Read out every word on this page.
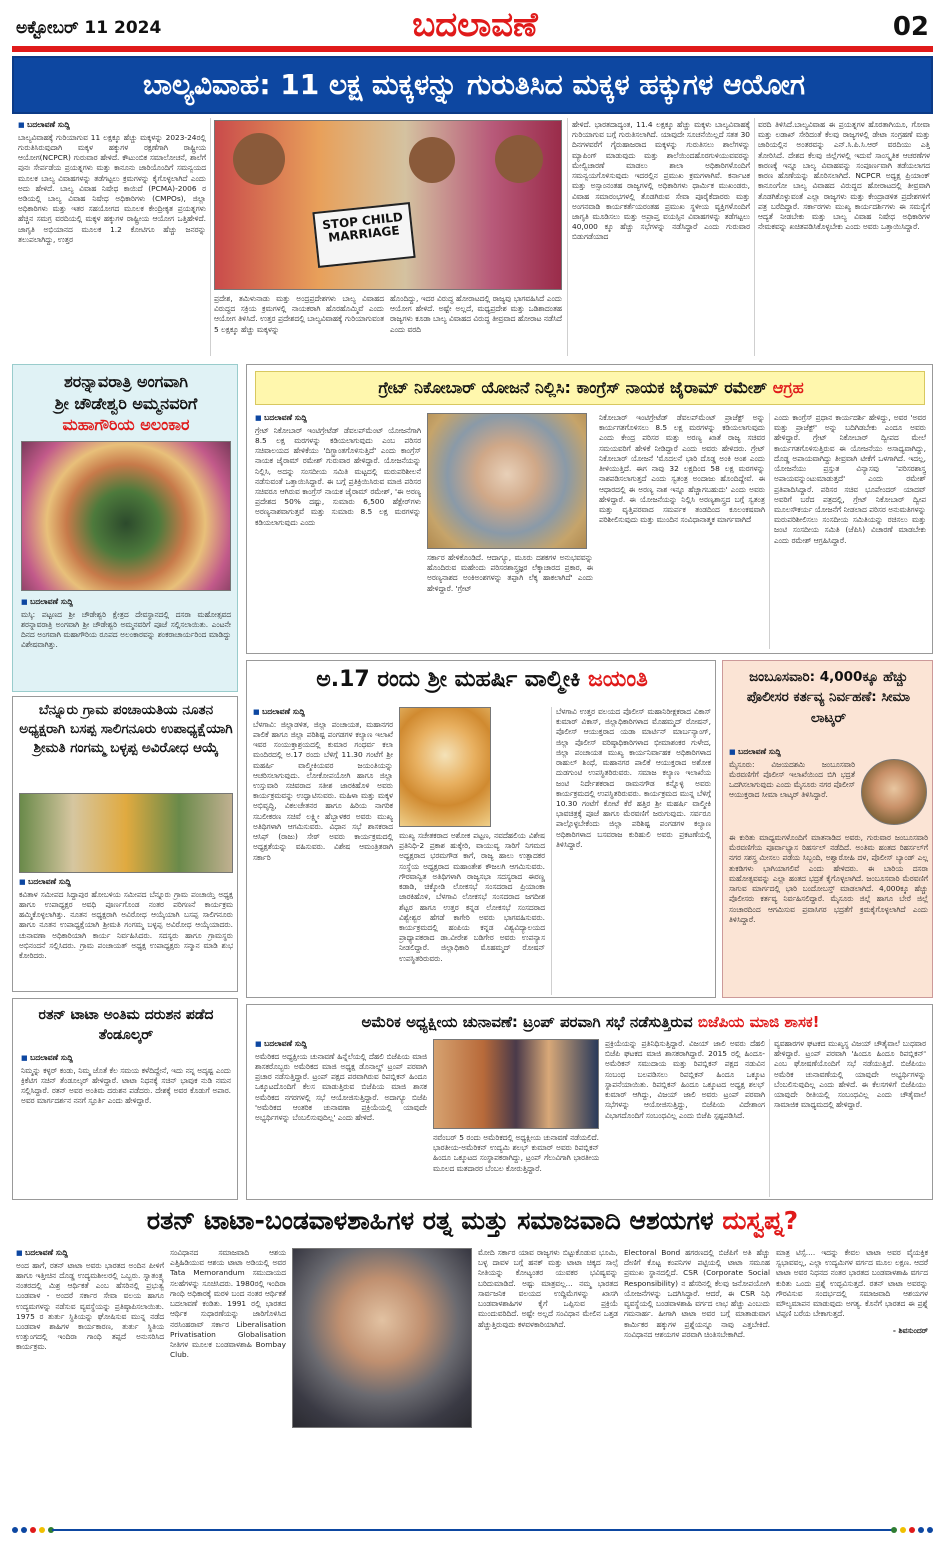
ಅಕ್ಟೋಬರ್ 11 2024	ಬದಲಾವಣೆ	02
ಬಾಲ್ಯವಿವಾಹ: 11 ಲಕ್ಷ ಮಕ್ಕಳನ್ನು ಗುರುತಿಸಿದ ಮಕ್ಕಳ ಹಕ್ಕುಗಳ ಆಯೋಗ
■ ಬದಲಾವಣೆ ಸುದ್ದಿ
ಬಾಲ್ಯವಿವಾಹಕ್ಕೆ ಗುರಿಯಾಗುವ 11 ಲಕ್ಷಕ್ಕೂ ಹೆಚ್ಚು ಮಕ್ಕಳನ್ನು 2023-24ರಲ್ಲಿ ಗುರುತಿಸಿರುವುದಾಗಿ ಮಕ್ಕಳ ಹಕ್ಕುಗಳ ರಕ್ಷಣೆಗಾಗಿ ರಾಷ್ಟ್ರೀಯ ಆಯೋಗ(NCPCR) ಗುರುವಾರ ಹೇಳಿದೆ. ಕೌಟುಂಬಿಕ ಸಮಾಲೋಚನೆ, ಶಾಲೆಗೆ ಪುನಃ ಸೇರ್ಪಡೆಯ ಪ್ರಯತ್ನಗಳು ಮತ್ತು ಕಾನೂನು ಜಾರಿಯೊಂದಿಗೆ ಸಮನ್ವಯದ ಮೂಲಕ ಬಾಲ್ಯ ವಿವಾಹಗಳನ್ನು ತಡೆಗಟ್ಟಲು ಕ್ರಮಗಳನ್ನು ಕೈಗೊಳ್ಳಲಾಗಿದೆ ಎಂದು ಅದು ಹೇಳಿದೆ. ಬಾಲ್ಯ ವಿವಾಹ ನಿಷೇಧ ಕಾಯಿದೆ (PCMA)-2006 ರ ಅಡಿಯಲ್ಲಿ ಬಾಲ್ಯ ವಿವಾಹ ನಿಷೇಧ ಅಧಿಕಾರಿಗಳು (CMPOs), ಜಿಲ್ಲಾ ಅಧಿಕಾರಿಗಳು ಮತ್ತು ಇತರ ಸಹಯೋಗದ ಮೂಲಕ ಕೇಂದ್ರೀಕೃತ ಪ್ರಯತ್ನಗಳು ಹೆಚ್ಚಿನ ಸಮಗ್ರ ವರದಿಯಲ್ಲಿ ಮಕ್ಕಳ ಹಕ್ಕುಗಳ ರಾಷ್ಟ್ರೀಯ ಆಯೋಗ ಒತ್ತಿಹೇಳಿದೆ. ಜಾಗೃತಿ ಅಭಿಯಾನದ ಮೂಲಕ 1.2 ಕೋಟಿಗೂ ಹೆಚ್ಚು ಜನರನ್ನು ತಲುಪಲಾಗಿದ್ದು, ಉತ್ತರ
STOP CHILD MARRIAGE
ಪ್ರದೇಶ, ತಮಿಳುನಾಡು ಮತ್ತು ಅಂದ್ರಪ್ರದೇಶಗಳು ಬಾಲ್ಯ ವಿವಾಹದ ವಿರುದ್ಧದ ಸಕ್ರಿಯ ಕ್ರಮಗಳಲ್ಲಿ ನಾಯಕರಾಗಿ ಹೊರಹೊಮ್ಮಿವೆ ಎಂದು ಆಯೋಗ ತಿಳಿಸಿದೆ. ಉತ್ತರ ಪ್ರದೇಶದಲ್ಲಿ ಬಾಲ್ಯವಿವಾಹಕ್ಕೆ ಗುರಿಯಾಗುವಂತ 5 ಲಕ್ಷಕ್ಕೂ ಹೆಚ್ಚು ಮಕ್ಕಳನ್ನು
ಹೊಂದಿದ್ದು, ಇದರ ವಿರುದ್ಧ ಹೋರಾಟದಲ್ಲಿ ರಾಜ್ಯವು ಭಾಗವಹಿಸಿದೆ ಎಂದು ಆಯೋಗ ಹೇಳಿದೆ. ಅಷ್ಟೇ ಅಲ್ಲದೆ, ಮಧ್ಯಪ್ರದೇಶ ಮತ್ತು ಒಡಿಶಾದಂತಹ ರಾಜ್ಯಗಳು ಕೂಡಾ ಬಾಲ್ಯ ವಿವಾಹದ ವಿರುದ್ಧ ತೀವ್ರವಾದ ಹೋರಾಟ ನಡೆಸಿದೆ ಎಂದು ವರದಿ
ಹೇಳಿದೆ. ಭಾರತದಾದ್ಯಂತ, 11.4 ಲಕ್ಷಕ್ಕೂ ಹೆಚ್ಚು ಮಕ್ಕಳು ಬಾಲ್ಯವಿವಾಹಕ್ಕೆ ಗುರಿಯಾಗುವ ಬಗ್ಗೆ ಗುರುತಿಸಲಾಗಿದೆ. ಯಾವುದೇ ಸೂಚನೆಯಿಲ್ಲದೆ ಸತತ 30 ದಿನಗಳವರೆಗೆ ಗೈರುಹಾಜರಾದ ಮಕ್ಕಳನ್ನು ಗುರುತಿಸಲು ಶಾಲೆಗಳನ್ನು ಮ್ಯಾಪಿಂಗ್ ಮಾಡುವುದು ಮತ್ತು ಶಾಲೆಯಿಂದಹೊರಗುಳಿಯುವವರನ್ನು ಮೇಲ್ವಿಚಾರಣೆ ಮಾಡಲು ಶಾಲಾ ಅಧಿಕಾರಿಗಳೊಂದಿಗೆ ಸಮನ್ವಯಗೊಳಿಸುವುದು ಇದರಲ್ಲಿನ ಪ್ರಮುಖ ಕ್ರಮಗಳಾಗಿವೆ. ಕರ್ನಾಟಕ ಮತ್ತು ಅಸ್ಸಾಂನಂತಹ ರಾಜ್ಯಗಳಲ್ಲಿ ಅಧಿಕಾರಿಗಳು ಧಾರ್ಮಿಕ ಮುಖಂಡರು, ವಿವಾಹ ಸಮಾರಂಭಗಳಲ್ಲಿ ತೊಡಗಿರುವ ಸೇವಾ ಪೂರೈಕೆದಾರರು ಮತ್ತು ಅಂಗನವಾಡಿ ಕಾರ್ಯಕರ್ತೆಯರಂತಹ ಪ್ರಮುಖ ಸ್ಥಳೀಯ ವ್ಯಕ್ತಿಗಳೊಂದಿಗೆ ಜಾಗೃತಿ ಮೂಡಿಸಲು ಮತ್ತು ಅಪ್ರಾಪ್ತ ವಯಸ್ಸಿನ ವಿವಾಹಗಳನ್ನು ತಡೆಗಟ್ಟಲು 40,000 ಕ್ಕೂ ಹೆಚ್ಚು ಸಭೆಗಳನ್ನು ನಡೆಸಿದ್ದಾರೆ ಎಂದು ಗುರುವಾರ ಬಿಡುಗಡೆಯಾದ
ವರದಿ ತಿಳಿಸಿದೆ.ಬಾಲ್ಯವಿವಾಹ ಈ ಪ್ರಯತ್ನಗಳ ಹೊರತಾಗಿಯೂ, ಗೋವಾ ಮತ್ತು ಲಡಾಖ್ ಸೇರಿದಂತೆ ಕೆಲವು ರಾಜ್ಯಗಳಲ್ಲಿ ಡೇಟಾ ಸಂಗ್ರಹಣೆ ಮತ್ತು ಜಾರಿಯಲ್ಲಿನ ಅಂತರವನ್ನು ಎನ್.ಸಿ.ಪಿ.ಸಿ.ಆರ್ ವರದಿಯು ಎತ್ತಿ ತೋರಿಸಿದೆ. ದೇಶದ ಕೆಲವು ಜಿಲ್ಲೆಗಳಲ್ಲಿ ಇದುವೆ ಸಾಂಸ್ಕೃತಿಕ ಆಚರಣೆಗಳ ಕಾರಣಕ್ಕೆ ಇನ್ನೂ ಬಾಲ್ಯ ವಿವಾಹವನ್ನು ಸಂಪೂರ್ಣವಾಗಿ ತಡೆಯಲಾಗದ ಕಾರಣ ಹೊಣೆಯನ್ನು ಹೊರಿಸಲಾಗಿದೆ. NCPCR ಅಧ್ಯಕ್ಷ ಪ್ರಿಯಾಂಕ್ ಕಾನೂಂಗೋ ಬಾಲ್ಯ ವಿವಾಹದ ವಿರುದ್ಧದ ಹೋರಾಟದಲ್ಲಿ ತೀವ್ರವಾಗಿ ತೊಡಗಿಕೊಳ್ಳುವಂತೆ ಎಲ್ಲಾ ರಾಜ್ಯಗಳು ಮತ್ತು ಕೇಂದ್ರಾಡಳಿತ ಪ್ರದೇಶಗಳಿಗೆ ಪತ್ರ ಬರೆದಿದ್ದಾರೆ. ಸರ್ಕಾರಗಳು ಮುಖ್ಯ ಕಾರ್ಯದರ್ಶಿಗಳು ಈ ಸಮಸ್ಯೆಗೆ ಆದ್ಯತೆ ನೀಡಬೇಕು ಮತ್ತು ಬಾಲ್ಯ ವಿವಾಹ ನಿಷೇಧ ಅಧಿಕಾರಿಗಳ ನೇಮಕವನ್ನು ಖಚಿತಪಡಿಸಿಕೊಳ್ಳಬೇಕು ಎಂದು ಅವರು ಒತ್ತಾಯಿಸಿದ್ದಾರೆ.
ಶರನ್ನಾವರಾತ್ರಿ ಅಂಗವಾಗಿ
ಶ್ರೀ ಚೌಡೇಶ್ವರಿ ಅಮ್ಮನವರಿಗೆ
ಮಹಾಗೌರಿಯ ಅಲಂಕಾರ
■ ಬದಲಾವಣೆ ಸುದ್ದಿ
ಮಸ್ಕಿ: ಪಟ್ಟಣದ ಶ್ರೀ ಚೌಡೇಶ್ವರಿ ಕ್ಷೇತ್ರದ ದೇವಸ್ಥಾನದಲ್ಲಿ ದಸರಾ ಮಹೋತ್ಸವದ ಶರನ್ನಾವರಾತ್ರಿ ಅಂಗವಾಗಿ ಶ್ರೀ ಚೌಡೇಶ್ವರಿ ಅಮ್ಮನವರಿಗೆ ಪೂಜೆ ಸಲ್ಲಿಸಲಾಯಿತು. ಎಂಟನೇ ದಿನದ ಅಂಗವಾಗಿ ಮಹಾಗೌರಿಯ ರೂಪದ ಅಲಂಕಾರವನ್ನು ಶಂಕರಾಚಾರ್ಯರಿಂದ ಮಾಡಿದ್ದು ವಿಶೇಷವಾಗಿತ್ತು.
ಬೆನ್ನೂರು ಗ್ರಾಮ ಪಂಚಾಯತಿಯ ನೂತನ ಅಧ್ಯಕ್ಷರಾಗಿ ಬಸಪ್ಪ ಸಾಲಿಗನೂರು ಉಪಾಧ್ಯಕ್ಷೆಯಾಗಿ ಶ್ರೀಮತಿ ಗಂಗಮ್ಮ ಬಳ್ಳಪ್ಪ ಅವಿರೋಧ ಆಯ್ಕೆ
■ ಬದಲಾವಣೆ ಸುದ್ದಿ
ಕವಿತಾಳ ಸಮೀಪದ ಸಿದ್ದಾಪುರ ಹೋಬಳಿಯ ಸಮೀಪದ ಬೆನ್ನೂರು ಗ್ರಾಮ ಪಂಚಾಯ್ತಿ ಅಧ್ಯಕ್ಷ ಹಾಗೂ ಉಪಾಧ್ಯಕ್ಷರ ಅವಧಿ ಪೂರ್ಣಗೊಂಡ ನಂತರ ಪರಿಗಣನೆ ಕಾರ್ಯಕ್ರಮ ಹಮ್ಮಿಕೊಳ್ಳಲಾಗಿತ್ತು. ನೂತನ ಅಧ್ಯಕ್ಷರಾಗಿ ಅವಿರೋಧ ಆಯ್ಕೆಯಾಗಿ ಬಸಪ್ಪ ಸಾಲಿಗನೂರು ಹಾಗೂ ನೂತನ ಉಪಾಧ್ಯಕ್ಷೆಯಾಗಿ ಶ್ರೀಮತಿ ಗಂಗಮ್ಮ ಬಳ್ಳಪ್ಪ ಅವಿರೋಧ ಆಯ್ಕೆಯಾದರು. ಚುನಾವಣಾ ಅಧಿಕಾರಿಯಾಗಿ ಕಾರ್ಯ ನಿರ್ವಹಿಸಿದರು. ಸದಸ್ಯರು ಹಾಗೂ ಗ್ರಾಮಸ್ಥರು ಅಭಿನಂದನೆ ಸಲ್ಲಿಸಿದರು. ಗ್ರಾಮ ಪಂಚಾಯತ್ ಅಧ್ಯಕ್ಷ ಉಪಾಧ್ಯಕ್ಷರು ಸನ್ಮಾನ ಮಾಡಿ ಶುಭ ಕೋರಿದರು.
ರತನ್ ಟಾಟಾ ಅಂತಿಮ ದರುಶನ ಪಡೆದ ತೆಂಡೂಲ್ಕರ್
■ ಬದಲಾವಣೆ ಸುದ್ದಿ
ನಿಮ್ಮನ್ನು ಕಳ್ಳರ್‍ ಕಂಡು, ನಿಮ್ಮ ಜೊತೆ ಕೆಲ ಸಮಯ ಕಳೆದಿದ್ದೇನೆ, ಇದು ನನ್ನ ಅದೃಷ್ಟ ಎಂದು ಕ್ರಿಕೆಟಿಗ ಸಚಿನ್ ತೆಂಡೂಲ್ಕರ್ ಹೇಳಿದ್ದಾರೆ. ಟಾಟಾ ನಿಧನಕ್ಕೆ ಸಚಿನ್ ಭಾವುಕ ನುಡಿ ನಮನ ಸಲ್ಲಿಸಿದ್ದಾರೆ. ರತನ್ ಅವರ ಅಂತಿಮ ದರುಶನ ಪಡೆದರು. ದೇಶಕ್ಕೆ ಅವರ ಕೊಡುಗೆ ಅಪಾರ. ಅವರ ಮಾರ್ಗದರ್ಶನ ನನಗೆ ಸ್ಫೂರ್ತಿ ಎಂದು ಹೇಳಿದ್ದಾರೆ.
ಗ್ರೇಟ್ ನಿಕೋಬಾರ್ ಯೋಜನೆ ನಿಲ್ಲಿಸಿ: ಕಾಂಗ್ರೆಸ್ ನಾಯಕ ಜೈರಾಮ್ ರಮೇಶ್ ಆಗ್ರಹ
■ ಬದಲಾವಣೆ ಸುದ್ದಿ
ಗ್ರೇಟ್ ನಿಕೋಬಾರ್ ಇಂಟಿಗ್ರೇಟೆಡ್ ಡೆವಲಪ್‌ಮೆಂಟ್ ಯೋಜನೆಗಾಗಿ 8.5 ಲಕ್ಷ ಮರಗಳನ್ನು ಕಡಿಯಲಾಗುವುದು ಎಂಬ ಪರಿಸರ ಸಚಿವಾಲಯದ ಹೇಳಿಕೆಯು 'ದಿಗ್ಭ್ರಾಂತಗೊಳಿಸುತ್ತಿದೆ' ಎಂದು ಕಾಂಗ್ರೆಸ್ ನಾಯಕ ಜೈರಾಮ್ ರಮೇಶ್ ಗುರುವಾರ ಹೇಳಿದ್ದಾರೆ. ಯೋಜನೆಯನ್ನು ನಿಲ್ಲಿಸಿ, ಅದನ್ನು ಸಂಸದೀಯ ಸಮಿತಿ ಮಟ್ಟದಲ್ಲಿ ಮರುಪರಿಶೀಲನೆ ನಡೆಸುವಂತೆ ಒತ್ತಾಯಿಸಿದ್ದಾರೆ. ಈ ಬಗ್ಗೆ ಪ್ರತಿಕ್ರಿಯಿಸಿರುವ ಮಾಜಿ ಪರಿಸರ ಸಚಿವರೂ ಆಗಿರುವ ಕಾಂಗ್ರೆಸ್ ನಾಯಕ ಜೈರಾಮ್ ರಮೇಶ್, 'ಈ ಅರಣ್ಯ ಪ್ರದೇಶದ 50% ದಷ್ಟು, ಸುಮಾರು 6,500 ಹೆಕ್ಟೇರ್‌ಗಳು ಅರಣ್ಯನಾಶವಾಗುತ್ತವೆ ಮತ್ತು ಸುಮಾರು 8.5 ಲಕ್ಷ ಮರಗಳನ್ನು ಕಡಿಯಲಾಗುವುದು ಎಂದು
ಸರ್ಕಾರ ಹೇಳಿಕೊಂಡಿದೆ. ಆದಾಗ್ಯೂ, ಮೂರು ದಶಕಗಳ ಅನುಭವವನ್ನು ಹೊಂದಿರುವ ಮಹೇಂದು ಪರಿಸರಶಾಸ್ತ್ರಜ್ಞರ ಲೆಕ್ಕಾಚಾರದ ಪ್ರಕಾರ, ಈ ಅರಣ್ಯನಾಶದ ಅಂಕಿಅಂಶಗಳನ್ನು ತಪ್ಪಾಗಿ ಲೆಕ್ಕ ಹಾಕಲಾಗಿದೆ' ಎಂದು ಹೇಳಿದ್ದಾರೆ. 'ಗ್ರೇಟ್
ನಿಕೋಬಾರ್ ಇಂಟಿಗ್ರೇಟೆಡ್ ಡೆವಲಪ್‌ಮೆಂಟ್ ಪ್ರಾಜೆಕ್ಟ್ ಅನ್ನು ಕಾರ್ಯಗತಗೊಳಿಸಲು 8.5 ಲಕ್ಷ ಮರಗಳನ್ನು ಕಡಿಯಲಾಗುವುದು ಎಂದು ಕೇಂದ್ರ ಪರಿಸರ ಮತ್ತು ಅರಣ್ಯ ಖಾತೆ ರಾಜ್ಯ ಸಚಿವರ ಸಮಯವರಿಗೆ ಹೇಳಿಕೆ ನೀಡಿದ್ದಾರೆ ಎಂದು ಅವರು ಹೇಳಿದರು. ಗ್ರೇಟ್ ನಿಕೋಬಾರ್ ಯೋಜನೆ 'ಮೊದಲನೆ ಭಾರಿ ದೊಡ್ಡ ಅಂಕಿ ಅಂಶ ಎಂದು ತೀಳಿಯುತ್ತಿದೆ. ಈಗ ನಾವು 32 ಲಕ್ಷದಿಂದ 58 ಲಕ್ಷ ಮರಗಳನ್ನು ನಾಶಪಡಿಸಲಾಗುತ್ತದೆ ಎಂದು ಸ್ವತಂತ್ರ ಅಂದಾಜು ಹೊಂದಿದ್ದೇವೆ. ಈ ಆಧಾರದಲ್ಲಿ ಈ ಅರಣ್ಯ ನಾಶ ಇನ್ನೂ ಹೆಚ್ಚಾಗಬಹುದು' ಎಂದು ಅವರು ಹೇಳಿದ್ದಾರೆ. ಈ ಯೋಜನೆಯನ್ನು ನಿಲ್ಲಿಸಿ ಅರಣ್ಯಶಾಸ್ತ್ರದ ಬಗ್ಗೆ ಸ್ವತಂತ್ರ ಮತ್ತು ವೃತ್ತಿಪರವಾದ ಸಮರ್ಪಕ ತಂಡದಿಂದ ಕೂಲಂಕಷವಾಗಿ ಪರಿಶೀಲಿಸುವುದು ಮತ್ತು ಮುಂದಿನ ಸಂವಿಧಾನಾತ್ಮಕ ಮಾರ್ಗವಾಗಿದೆ
ಎಂದು ಕಾಂಗ್ರೆಸ್ ಪ್ರಧಾನ ಕಾರ್ಯದರ್ಶಿ ಹೇಳಿದ್ದು, ಅವರ 'ಅವರ ಮತ್ತು ಪ್ರಾಜೆಕ್ಟ್' ಅನ್ನು ಬದಿಗಿಡಬೇಕು ಎಂದೂ ಅವರು ಹೇಳಿದ್ದಾರೆ. ಗ್ರೇಟ್ ನಿಕೋಬಾರ್ ದ್ವೀಪದ ಮೇಲೆ ಕಾರ್ಯಗತಗೊಳಿಸುತ್ತಿರುವ ಈ ಯೋಜನೆಯು ಅಸಾಧ್ಯವಾಗಿದ್ದು, ದೊಡ್ಡ ಅಪಾಯವಾಗಿದ್ದು ತೀವ್ರವಾಗಿ ಟೀಕೆಗೆ ಒಳಗಾಗಿದೆ. ಇದಲ್ಲ, ಯೋಜನೆಯು ಪ್ರಸ್ತುತ ವಿನ್ಯಾಸವು 'ಪರಿಸರಶಾಸ್ತ್ರ ಅಪಾಯವನ್ನುಂಟುಮಾಡುತ್ತದೆ' ಎಂದು ರಮೇಶ್ ಪ್ರತಿಪಾದಿಸಿದ್ದಾರೆ. ಪರಿಸರ ಸಚಿವ ಭೂಪೇಂದರ್ ಯಾದವ್ ಅವರಿಗೆ ಬರೆದ ಪತ್ರದಲ್ಲಿ, ಗ್ರೇಟ್ ನಿಕೋಬಾರ್ ದ್ವೀಪ ಮೂಲಸೌಕರ್ಯ ಯೋಜನೆಗೆ ನೀಡಲಾದ ಪರಿಸರ ಅನುಮತಿಗಳನ್ನು ಮರುಪರಿಶೀಲಿಸಲು ಸಂಸದೀಯ ಸಮಿತಿಯನ್ನು ರಚಿಸಲು ಮತ್ತು ಜಂಟಿ ಸಂಸದೀಯ ಸಮಿತಿ (ಜೆಪಿಸಿ) ವಿಚಾರಣೆ ಮಾಡಬೇಕು ಎಂದು ರಮೇಶ್ ಆಗ್ರಹಿಸಿದ್ದಾರೆ.
ಅ.17 ರಂದು ಶ್ರೀ ಮಹರ್ಷಿ ವಾಲ್ಮೀಕಿ ಜಯಂತಿ
■ ಬದಲಾವಣೆ ಸುದ್ದಿ
ಬೆಳಗಾವಿ: ಜಿಲ್ಲಾಡಳಿತ, ಜಿಲ್ಲಾ ಪಂಚಾಯತ, ಮಹಾನಗರ ಪಾಲಿಕೆ ಹಾಗೂ ಜಿಲ್ಲಾ ಪರಿಶಿಷ್ಟ ಪಂಗಡಗಳ ಕಲ್ಯಾಣ ಇಲಾಖೆ ಇವರ ಸಂಯುಕ್ತಾಶ್ರಯದಲ್ಲಿ ಕುಮಾರ ಗಂಧರ್ವ ಕಲಾ ಮಂದಿರದಲ್ಲಿ ಅ.17 ರಂದು ಬೆಳಿಗ್ಗೆ 11.30 ಗಂಟೆಗೆ ಶ್ರೀ ಮಹರ್ಷಿ ವಾಲ್ಮೀಕಿಯವರ ಜಯಂತಿಯನ್ನು ಆಚರಿಸಲಾಗುವುದು. ಲೋಕೋಪಯೋಗಿ ಹಾಗೂ ಜಿಲ್ಲಾ ಉಸ್ತುವಾರಿ ಸಚಿವರಾದ ಸತೀಶ ಜಾರಕಿಹೊಳಿ ಅವರು ಕಾರ್ಯಕ್ರಮವನ್ನು ಉದ್ಘಾಟಿಸುವರು. ಮಹಿಳಾ ಮತ್ತು ಮಕ್ಕಳ ಅಭಿವೃದ್ಧಿ, ವಿಕಲಚೇತನರ ಹಾಗೂ ಹಿರಿಯ ನಾಗರಿಕ ಸಬಲೀಕರಣ ಸಚಿವೆ ಲಕ್ಷ್ಮೀ ಹೆಬ್ಬಾಳಕರ ಅವರು ಮುಖ್ಯ ಅತಿಥಿಗಳಾಗಿ ಆಗಮಿಸುವರು. ವಿಧಾನ ಸಭೆ ಶಾಸಕರಾದ ಆಸಿಫ್ (ರಾಜು) ಸೇಠ್ ಅವರು ಕಾರ್ಯಕ್ರಮದಲ್ಲಿ ಅಧ್ಯಕ್ಷತೆಯನ್ನು ವಹಿಸುವರು. ವಿಶೇಷ ಆಮಂತ್ರಿತರಾಗಿ ಸರ್ಕಾರಿ
ಮುಖ್ಯ ಸಚೇತಕರಾದ ಅಶೋಕ ಪಟ್ಟಣ, ನವದೆಹಲಿಯ ವಿಶೇಷ ಪ್ರತಿನಿಧಿ-2 ಪ್ರಕಾಶ ಹುಕ್ಕೇರಿ, ವಾಯುವ್ಯ ಸಾರಿಗೆ ನಿಗಮದ ಅಧ್ಯಕ್ಷರಾದ ಭರಮಗೌಡ ಕಾಗೆ, ರಾಜ್ಯ ಹಾಲು ಉತ್ಪಾದಕರ ಸಂಸ್ಥೆಯ ಅಧ್ಯಕ್ಷರಾದ ಮಹಾಂತೇಶ ಕೌಜಲಗಿ ಆಗಮಿಸುವರು. ಗೌರವಾನ್ವಿತ ಅತಿಥಿಗಳಾಗಿ ರಾಜ್ಯಸಭಾ ಸದಸ್ಯರಾದ ಈರಣ್ಣ ಕಡಾಡಿ, ಚಿಕ್ಕೋಡಿ ಲೋಕಸಭೆ ಸಂಸದರಾದ ಪ್ರಿಯಾಂಕಾ ಜಾರಕಿಹೊಳಿ, ಬೆಳಗಾವಿ ಲೋಕಸಭೆ ಸಂಸದರಾದ ಜಗದೀಶ ಶೆಟ್ಟರ ಹಾಗೂ ಉತ್ತರ ಕನ್ನಡ ಲೋಕಸಭೆ ಸಂಸದರಾದ ವಿಶ್ವೇಶ್ವರ ಹೆಗಡೆ ಕಾಗೇರಿ ಅವರು ಭಾಗವಹಿಸುವರು. ಕಾರ್ಯಕ್ರಮದಲ್ಲಿ ಹಂಪಿಯ ಕನ್ನಡ ವಿಶ್ವವಿದ್ಯಾಲಯದ ಪ್ರಾಧ್ಯಾಪಕರಾದ ಡಾ.ವೀರೇಶ ಬಡಿಗೇರ ಅವರು ಉಪನ್ಯಾಸ ನೀಡಲಿದ್ದಾರೆ. ಜಿಲ್ಲಾಧಿಕಾರಿ ಮೊಹಮ್ಮದ್ ರೋಷನ್ ಉಪಸ್ಥಿತರಿರುವರು.
ಬೆಳಗಾವಿ ಉತ್ತರ ವಲಯದ ಪೊಲೀಸ್ ಮಹಾನಿರೀಕ್ಷಕರಾದ ವಿಕಾಸ್ ಕುಮಾರ್ ವಿಕಾಸ್, ಜಿಲ್ಲಾಧಿಕಾರಿಗಳಾದ ಮೊಹಮ್ಮದ್ ರೋಷನ್, ಪೊಲೀಸ್ ಆಯುಕ್ತರಾದ ಯಡಾ ಮಾರ್ಟಿನ್ ಮಾರ್ಬನ್ಯಾಂಗ್, ಜಿಲ್ಲಾ ಪೊಲೀಸ್ ವರಿಷ್ಠಾಧಿಕಾರಿಗಳಾದ ಭೀಮಾಶಂಕರ ಗುಳೇದ, ಜಿಲ್ಲಾ ಪಂಚಾಯತ ಮುಖ್ಯ ಕಾರ್ಯನಿರ್ವಾಹಕ ಅಧಿಕಾರಿಗಳಾದ ರಾಹುಲ್ ಶಿಂಧೆ, ಮಹಾನಗರ ಪಾಲಿಕೆ ಆಯುಕ್ತರಾದ ಅಶೋಕ ದುಡಗುಂಟಿ ಉಪಸ್ಥಿತರಿರುವರು. ಸಮಾಜ ಕಲ್ಯಾಣ ಇಲಾಖೆಯ ಜಂಟಿ ನಿರ್ದೇಶಕರಾದ ರಾಮನಗೌಡ ಕನ್ನೊಳ್ಳಿ ಅವರು ಕಾರ್ಯಕ್ರಮದಲ್ಲಿ ಉಪಸ್ಥಿತರಿರುವರು. ಕಾರ್ಯಕ್ರಮದ ಮುನ್ನ ಬೆಳಿಗ್ಗೆ 10.30 ಗಂಟೆಗೆ ಕೋಟೆ ಕೆರೆ ಹತ್ತಿರ ಶ್ರೀ ಮಹರ್ಷಿ ವಾಲ್ಮೀಕಿ ಭಾವಚಿತ್ರಕ್ಕೆ ಪೂಜೆ ಹಾಗೂ ಮೆರವಣಿಗೆ ಜರುಗುವುದು. ಸರ್ವರೂ ಪಾಲ್ಗೊಳ್ಳಬೇಕೆಂದು ಜಿಲ್ಲಾ ಪರಿಶಿಷ್ಟ ಪಂಗಡಗಳ ಕಲ್ಯಾಣ ಅಧಿಕಾರಿಗಳಾದ ಬಸವರಾಜ ಕುರಿಹುಲಿ ಅವರು ಪ್ರಕಟಣೆಯಲ್ಲಿ ತಿಳಿಸಿದ್ದಾರೆ.
ಜಂಬೂಸವಾರಿ: 4,000ಕ್ಕೂ ಹೆಚ್ಚು ಪೊಲೀಸರ ಕರ್ತವ್ಯ ನಿರ್ವಹಣೆ: ಸೀಮಾ ಲಾಟ್ಕರ್
■ ಬದಲಾವಣೆ ಸುದ್ದಿ
ಮೈಸೂರು: ವಿಜಯದಶಮಿ ಜಂಬೂಸವಾರಿ ಮೆರವಣಿಗೆಗೆ ಪೊಲೀಸ್ ಇಲಾಖೆಯಿಂದ ಬಿಗಿ ಭದ್ರತೆ ಒದಗಿಸಲಾಗುವುದು ಎಂದು ಮೈಸೂರು ನಗರ ಪೊಲೀಸ್ ಆಯುಕ್ತರಾದ ಸೀಮಾ ಲಾಟ್ಕರ್ ತಿಳಿಸಿದ್ದಾರೆ.
ಈ ಕುರಿತು ಮಾಧ್ಯಮಗಳೊಂದಿಗೆ ಮಾತನಾಡಿದ ಅವರು, ಗುರುವಾರ ಜಂಬೂಸವಾರಿ ಮೆರವಣಿಗೆಯ ಪೂರ್ವಾಭ್ಯಾಸ ರಿಹರ್ಸಲ್ ನಡೆದಿದೆ. ಅಂತಿಮ ಹಂತದ ರಿಹರ್ಸಲ್‌ಗೆ ನಗರ ಸಶಸ್ತ್ರ ಮೀಸಲು ಪಡೆಯ ಸಿಬ್ಬಂದಿ, ಅಶ್ವಾರೋಹಿ ದಳ, ಪೊಲೀಸ್ ಬ್ಯಾಂಡ್ ಎಲ್ಲ ತುಕಡಿಗಳು ಭಾಗಿಯಾಗಲಿವೆ ಎಂದು ಹೇಳಿದರು. ಈ ಬಾರಿಯ ದಸರಾ ಮಹೋತ್ಸವವನ್ನು ಎಲ್ಲಾ ಹಂತದ ಭದ್ರತೆ ಕೈಗೊಳ್ಳಲಾಗಿದೆ. ಜಂಬೂಸವಾರಿ ಮೆರವಣಿಗೆ ಸಾಗುವ ಮಾರ್ಗದಲ್ಲಿ ಭಾರಿ ಬಂದೋಬಸ್ತ್ ಮಾಡಲಾಗಿದೆ. 4,000ಕ್ಕೂ ಹೆಚ್ಚು ಪೊಲೀಸರು ಕರ್ತವ್ಯ ನಿರ್ವಹಿಸಲಿದ್ದಾರೆ. ಮೈಸೂರು ಜಿಲ್ಲೆ ಹಾಗೂ ಬೇರೆ ಜಿಲ್ಲೆ ಸಂಚಾರದಿಂದ ಆಗಮಿಸುವ ಪ್ರವಾಸಿಗರ ಭದ್ರತೆಗೆ ಕ್ರಮಕೈಗೊಳ್ಳಲಾಗಿದೆ ಎಂದು ತಿಳಿಸಿದ್ದಾರೆ.
ಅಮೆರಿಕ ಅಧ್ಯಕ್ಷೀಯ ಚುನಾವಣೆ: ಟ್ರಂಪ್ ಪರವಾಗಿ ಸಭೆ ನಡೆಸುತ್ತಿರುವ ಬಿಜೆಪಿಯ ಮಾಜಿ ಶಾಸಕ!
■ ಬದಲಾವಣೆ ಸುದ್ದಿ
ಅಮೆರಿಕದ ಅಧ್ಯಕ್ಷೀಯ ಚುನಾವಣೆ ಹಿನ್ನೆಲೆಯಲ್ಲಿ ದೆಹಲಿ ಬಿಜೆಪಿಯ ಮಾಜಿ ಶಾಸಕರೊಬ್ಬರು ಅಮೆರಿಕದ ಮಾಜಿ ಅಧ್ಯಕ್ಷ ಡೊನಾಲ್ಡ್ ಟ್ರಂಪ್ ಪರವಾಗಿ ಪ್ರಚಾರ ನಡೆಸುತ್ತಿದ್ದಾರೆ. ಟ್ರಂಪ್ ಪಕ್ಷದ ಪರವಾಗಿರುವ ರಿಪಬ್ಲಿಕನ್ ಹಿಂದೂ ಒಕ್ಕೂಟದೊಂದಿಗೆ ಕೆಲಸ ಮಾಡುತ್ತಿರುವ ಬಿಜೆಪಿಯ ಮಾಜಿ ಶಾಸಕ ಅಮೆರಿಕದ ನಗರಗಳಲ್ಲಿ ಸಭೆ ಆಯೋಜಿಸುತ್ತಿದ್ದಾರೆ. ಅದಾಗ್ಯೂ ಬಿಜೆಪಿ 'ಅಮೆರಿಕದ ಆಂತರಿಕ ಚುನಾವಣಾ ಪ್ರಕ್ರಿಯೆಯಲ್ಲಿ ಯಾವುದೇ ಅಭ್ಯರ್ಥಿಗಳನ್ನು ಬೆಂಬಲಿಸುವುದಿಲ್ಲ' ಎಂದು ಹೇಳಿದೆ.
ನವೆಂಬರ್ 5 ರಂದು ಅಮೆರಿಕದಲ್ಲಿ ಅಧ್ಯಕ್ಷೀಯ ಚುನಾವಣೆ ನಡೆಯಲಿದೆ. ಭಾರತೀಯ-ಅಮೆರಿಕನ್ ಉದ್ಯಮಿ ಶಲಭ್ ಕುಮಾರ್ ಅವರು ರಿಪಬ್ಲಿಕನ್ ಹಿಂದೂ ಒಕ್ಕೂಟದ ಸಂಸ್ಥಾಪಕರಾಗಿದ್ದು, ಟ್ರಂಪ್ ಗೆಲುವಿಗಾಗಿ ಭಾರತೀಯ ಮೂಲದ ಮತದಾರರ ಬೆಂಬಲ ಕೋರುತ್ತಿದ್ದಾರೆ.
ಪ್ರಕ್ರಿಯೆಯನ್ನು ಪ್ರತಿನಿಧಿಸುತ್ತಿದ್ದಾರೆ. ವಿಜಯ್ ಜಾಲಿ ಅವರು ದೆಹಲಿ ಬಿಜೆಪಿ ಘಟಕದ ಮಾಜಿ ಶಾಸಕರಾಗಿದ್ದಾರೆ. 2015 ರಲ್ಲಿ ಹಿಂದೂ-ಅಮೆರಿಕನ್ ಸಮುದಾಯ ಮತ್ತು ರಿಪಬ್ಲಿಕನ್ ಪಕ್ಷದ ನಡುವಿನ ಸಂಬಂಧ ಬಲಪಡಿಸಲು ರಿಪಬ್ಲಿಕನ್ ಹಿಂದೂ ಒಕ್ಕೂಟ ಸ್ಥಾಪನೆಯಾಯಿತು. ರಿಪಬ್ಲಿಕನ್ ಹಿಂದೂ ಒಕ್ಕೂಟದ ಅಧ್ಯಕ್ಷ ಶಲಭ್ ಕುಮಾರ್ ಆಗಿದ್ದು, ವಿಜಯ್ ಜಾಲಿ ಅವರು ಟ್ರಂಪ್ ಪರವಾಗಿ ಸಭೆಗಳನ್ನು ಆಯೋಜಿಸುತ್ತಿದ್ದು, ಬಿಜೆಪಿಯ ವಿದೇಶಾಂಗ ವಿಭಾಗದೊಂದಿಗೆ ಸಂಬಂಧವಿಲ್ಲ ಎಂದು ಬಿಜೆಪಿ ಸ್ಪಷ್ಟಪಡಿಸಿದೆ.
ವ್ಯವಹಾರಗಳ ಘಟಕದ ಮುಖ್ಯಸ್ಥ ವಿಜಯ್ ಚೌತೈವಾಲೆ ಬುಧವಾರ ಹೇಳಿದ್ದಾರೆ. ಟ್ರಂಪ್ ಪರವಾಗಿ 'ಹಿಂದೂ ಹಿಂದೂ ರಿಪಬ್ಲಿಕನ್' ಎಂಬ ಘೋಷಣೆಯೊಂದಿಗೆ ಸಭೆ ನಡೆಯುತ್ತಿದೆ. ಬಿಜೆಪಿಯು ಅಮೆರಿಕ ಚುನಾವಣೆಯಲ್ಲಿ ಯಾವುದೇ ಅಭ್ಯರ್ಥಿಗಳನ್ನು ಬೆಂಬಲಿಸುವುದಿಲ್ಲ ಎಂದು ಹೇಳಿದೆ. ಈ ಕೆಲಸಗಳಿಗೆ ಬಿಜೆಪಿಯು ಯಾವುದೇ ರೀತಿಯಲ್ಲಿ ಸಂಬಂಧವಿಲ್ಲ ಎಂದು ಚೌತೈವಾಲೆ ಸಾಮಾಜಿಕ ಮಾಧ್ಯಮದಲ್ಲಿ ಹೇಳಿದ್ದಾರೆ.
ರತನ್ ಟಾಟಾ-ಬಂಡವಾಳಶಾಹಿಗಳ ರತ್ನ ಮತ್ತು ಸಮಾಜವಾದಿ ಆಶಯಗಳ ದುಸ್ವಪ್ನ?
■ ಬದಲಾವಣೆ ಸುದ್ದಿ
ಅಂದ ಹಾಗೆ, ರತನ್ ಟಾಟಾ ಅವರು ಭಾರತದ ಅಂದಿನ ಪೀಳಿಗೆ ಹಾಗೂ ಇತ್ತೀಚಿನ ದೊಡ್ಡ ಉದ್ಯಮಶೀಲರಲ್ಲಿ ಒಬ್ಬರು. ಸ್ವಾತಂತ್ರ್ಯ ನಂತರದಲ್ಲಿ ಮಿಶ್ರ ಆರ್ಥಿಕತೆ ಎಂಬ ಹೆಸರಿನಲ್ಲಿ ಪ್ರಭುತ್ವ ಬಂಡವಾಳ - ಅಂದರೆ ಸರ್ಕಾರ ಸೇವಾ ವಲಯ ಹಾಗೂ ಉದ್ಯಮಗಳನ್ನು ನಡೆಸುವ ವ್ಯವಸ್ಥೆಯನ್ನು ಪ್ರತಿಷ್ಠಾಪಿಸಲಾಯಿತು. 1975 ರ ತುರ್ತು ಸ್ಥಿತಿಯನ್ನು ಘೋಷಿಸುವ ಮುನ್ನ ನಡೆದ ಬಂಡವಾಳ ಶಾಹಿಗಳ ಕಾರ್ಯಕಾರಣ, ತುರ್ತು ಸ್ಥಿತಿಯ ಉತ್ತುಂಗದಲ್ಲಿ ಇಂದಿರಾ ಗಾಂಧಿ ತಪ್ಪದೆ ಅನುಸರಿಸಿದ ಕಾರ್ಯಕ್ರಮ.
ಸಂವಿಧಾನದ ಸಮಾಜವಾದಿ ಆಶಯ ಎತ್ತಿಹಿಡಿಯುವ ಆಶಯ ಟಾಟಾ ಅಡಿಯಲ್ಲಿ ಅವರ Tata Memorandum ಸಮುದಾಯದ ಸಲಹೆಗಳನ್ನು ಸೂಚಿಸಿದರು. 1980ರಲ್ಲಿ ಇಂದಿರಾ ಗಾಂಧಿ ಅಧಿಕಾರಕ್ಕೆ ಮರಳಿ ಬಂದ ನಂತರ ಆರ್ಥಿಕತೆ ಬದಲಾವಣೆ ಕಂಡಿತು. 1991 ರಲ್ಲಿ ಭಾರತದ ಆರ್ಥಿಕ ಸುಧಾರಣೆಯನ್ನು ಜಾರಿಗೊಳಿಸಿದ ನರಸಿಂಹರಾವ್ ಸರ್ಕಾರ Liberalisation Privatisation Globalisation ನೀತಿಗಳ ಮೂಲಕ ಬಂಡವಾಳಶಾಹಿ Bombay Club.
ಮೋದಿ ಸರ್ಕಾರ ಯಾವ ರಾಜ್ಯಗಳು ಬಿಟ್ಟುಕೊಡುವ ಭೂಮಿ, ಬಳ್ಳ ದಾವಳ ಬಗ್ಗೆ ಹನಕ್ ಮತ್ತು ಟಾಟಾ ಚಿಕ್ಕದ ಸಾಲ್ಸೆ ನೀತಿಯನ್ನು ಕೋಟ್ಯಂತರ ಯುವಕರ ಭವಿಷ್ಯವನ್ನು ಬರಿದುಮಾಡಿದೆ. ಅಷ್ಟು ಮಾತ್ರವಲ್ಲ... ನಮ್ಮ ಭಾರತದ ಸಾರ್ವಜನಿಕ ವಲಯದ ಉದ್ದಿಮೆಗಳನ್ನು ಖಾಸಗಿ ಬಂಡವಾಳಶಾಹಿಗಳ ಕೈಗೆ ಒಪ್ಪಿಸುವ ಪ್ರಕ್ರಿಯೆ ಮುಂದುವರಿದಿದೆ. ಅಷ್ಟೇ ಅಲ್ಲದೆ ಸಂವಿಧಾನ ಮೇಲಿನ ಒತ್ತಡ ಹೆಚ್ಚುತ್ತಿರುವುದು ಕಳವಳಕಾರಿಯಾಗಿದೆ.
Electoral Bond ಹಗರಣದಲ್ಲಿ ಬಿಜೆಪಿಗೆ ಅತಿ ಹೆಚ್ಚು ದೇಣಿಗೆ ಕೊಟ್ಟ ಕಂಪನಿಗಳ ಪಟ್ಟಿಯಲ್ಲಿ ಟಾಟಾ ಸಮೂಹ ಪ್ರಮುಖ ಸ್ಥಾನದಲ್ಲಿದೆ. CSR (Corporate Social Responsibility) ನ ಹೆಸರಿನಲ್ಲಿ ಕೆಲವು ಜನೋಪಯೋಗಿ ಯೋಜನೆಗಳನ್ನು ಒದಗಿಸಿದ್ದಾರೆ. ಆದರೆ, ಈ CSR ನಿಧಿ ವ್ಯವಸ್ಥೆಯಲ್ಲಿ ಬಂಡವಾಳಶಾಹಿ ವರ್ಗದ ಲಾಭ ಹೆಚ್ಚು ಎಂಬುದು ಗಮನಾರ್ಹ. ಹೀಗಾಗಿ ಟಾಟಾ ಅವರ ಬಗ್ಗೆ ಮಾತಾಡುವಾಗ ಕಾರ್ಮಿಕರ ಹಕ್ಕುಗಳ ಪ್ರಶ್ನೆಯನ್ನೂ ನಾವು ಎತ್ತಬೇಕಿದೆ. ಸಂವಿಧಾನದ ಆಶಯಗಳ ಪರವಾಗಿ ಚಿಂತಿಸಬೇಕಾಗಿದೆ.
ಮಾತ್ರ ಟಿಸ್ಸೆ.... ಇದನ್ನು ಕೇವಲ ಟಾಟಾ ಅವರ ವೈಯಕ್ತಿಕ ಸ್ವಭಾವವಲ್ಲ, ಎಲ್ಲಾ ಉದ್ಯಮಿಗಳ ವರ್ಗದ ಮೂಲ ಲಕ್ಷಣ. ಆದರೆ ಟಾಟಾ ಅವರ ನಿಧನದ ನಂತರ ಭಾರತದ ಬಂಡವಾಳಶಾಹಿ ವರ್ಗದ ಕುರಿತು ಒಂದು ಪ್ರಶ್ನೆ ಉದ್ಭವಿಸುತ್ತದೆ. ರತನ್ ಟಾಟಾ ಅವರನ್ನು ಗೌರವಿಸುವ ಸಂದರ್ಭದಲ್ಲಿ ಸಮಾಜವಾದಿ ಆಶಯಗಳ ಮೌಲ್ಯಮಾಪನ ಮಾಡುವುದು ಅಗತ್ಯ. ಕೊನೆಗೆ ಭಾರತದ ಈ ಪ್ರಶ್ನೆ ಟಿಪ್ಪಣಿ ಬರೆಯ ಬೇಕಾಗುತ್ತದೆ.
- ಶಿವಸುಂದರ್
